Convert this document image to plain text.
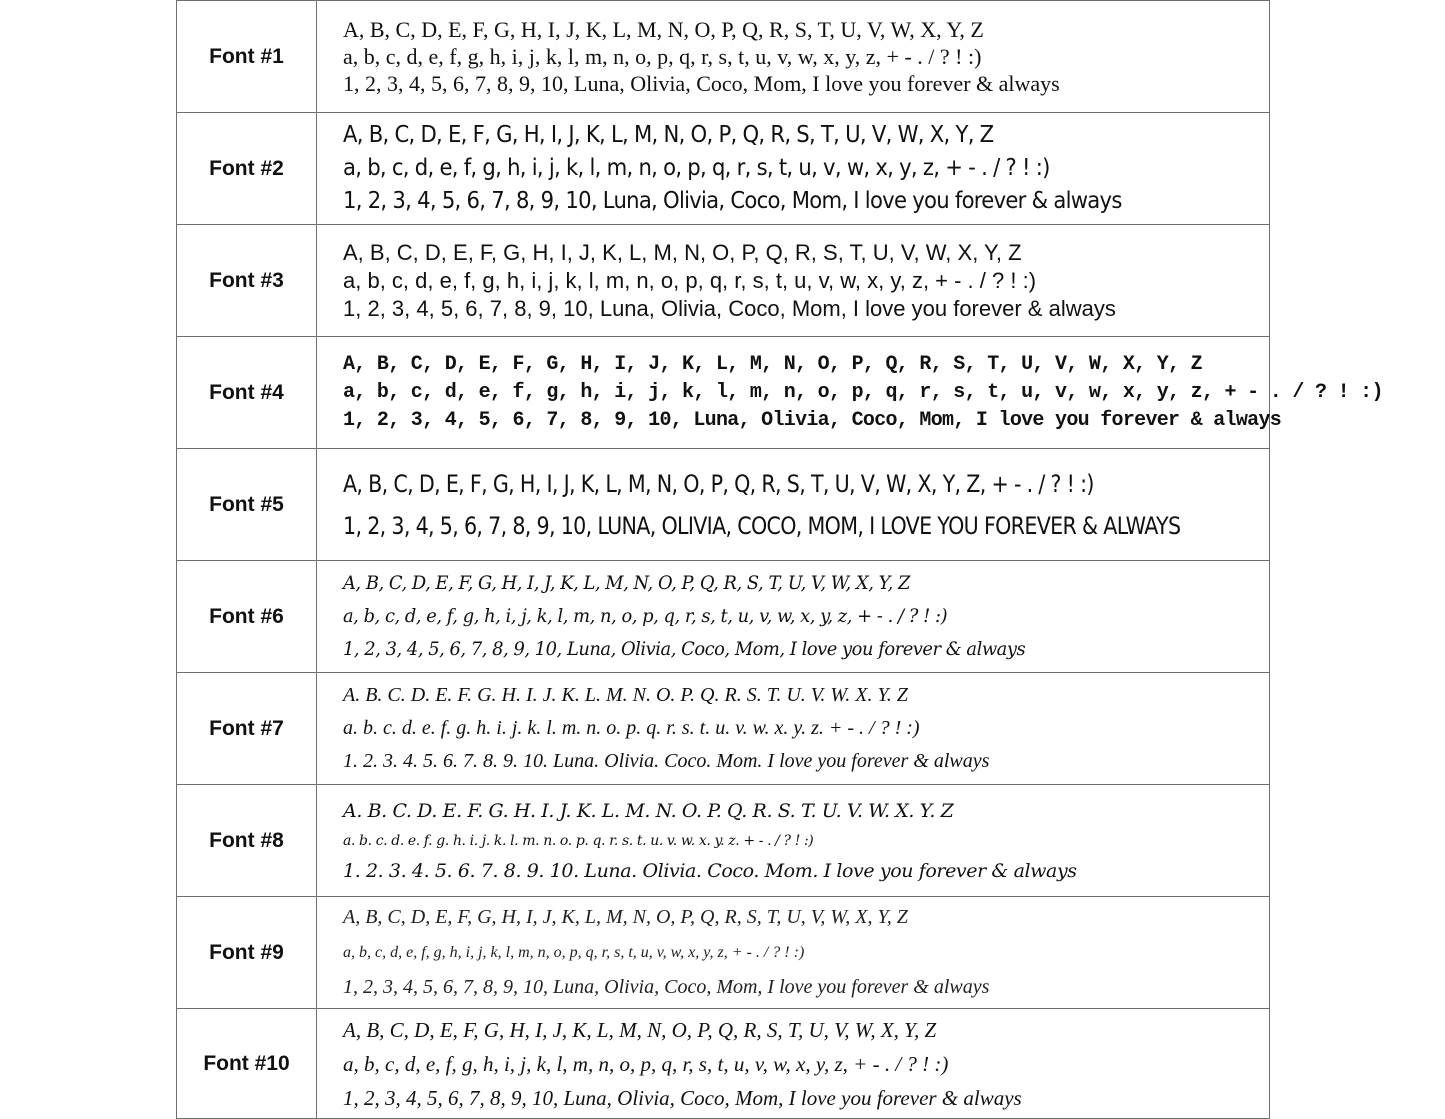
Font #1	A, B, C, D, E, F, G, H, I, J, K, L, M, N, O, P, Q, R, S, T, U, V, W, X, Y, Z
a, b, c, d, e, f, g, h, i, j, k, l, m, n, o, p, q, r, s, t, u, v, w, x, y, z, + - . / ? ! :)
1, 2, 3, 4, 5, 6, 7, 8, 9, 10, Luna, Olivia, Coco, Mom, I love you forever & always

Font #2	A, B, C, D, E, F, G, H, I, J, K, L, M, N, O, P, Q, R, S, T, U, V, W, X, Y, Z
a, b, c, d, e, f, g, h, i, j, k, l, m, n, o, p, q, r, s, t, u, v, w, x, y, z, + - . / ? ! :)
1, 2, 3, 4, 5, 6, 7, 8, 9, 10, Luna, Olivia, Coco, Mom, I love you forever & always

Font #3	A, B, C, D, E, F, G, H, I, J, K, L, M, N, O, P, Q, R, S, T, U, V, W, X, Y, Z
a, b, c, d, e, f, g, h, i, j, k, l, m, n, o, p, q, r, s, t, u, v, w, x, y, z, + - . / ? ! :)
1, 2, 3, 4, 5, 6, 7, 8, 9, 10, Luna, Olivia, Coco, Mom, I love you forever & always

Font #4	A, B, C, D, E, F, G, H, I, J, K, L, M, N, O, P, Q, R, S, T, U, V, W, X, Y, Z
a, b, c, d, e, f, g, h, i, j, k, l, m, n, o, p, q, r, s, t, u, v, w, x, y, z, + - . / ? ! :)
1, 2, 3, 4, 5, 6, 7, 8, 9, 10, Luna, Olivia, Coco, Mom, I love you forever & always

Font #5	A, B, C, D, E, F, G, H, I, J, K, L, M, N, O, P, Q, R, S, T, U, V, W, X, Y, Z, + - . / ? ! :)
1, 2, 3, 4, 5, 6, 7, 8, 9, 10, LUNA, OLIVIA, COCO, MOM, I LOVE YOU FOREVER & ALWAYS

Font #6	A, B, C, D, E, F, G, H, I, J, K, L, M, N, O, P, Q, R, S, T, U, V, W, X, Y, Z
a, b, c, d, e, f, g, h, i, j, k, l, m, n, o, p, q, r, s, t, u, v, w, x, y, z, + - . / ? ! :)
1, 2, 3, 4, 5, 6, 7, 8, 9, 10, Luna, Olivia, Coco, Mom, I love you forever & always

Font #7	A. B. C. D. E. F. G. H. I. J. K. L. M. N. O. P. Q. R. S. T. U. V. W. X. Y. Z
a. b. c. d. e. f. g. h. i. j. k. l. m. n. o. p. q. r. s. t. u. v. w. x. y. z. + - . / ? ! :)
1. 2. 3. 4. 5. 6. 7. 8. 9. 10. Luna. Olivia. Coco. Mom. I love you forever & always

Font #8	A. B. C. D. E. F. G. H. I. J. K. L. M. N. O. P. Q. R. S. T. U. V. W. X. Y. Z
a. b. c. d. e. f. g. h. i. j. k. l. m. n. o. p. q. r. s. t. u. v. w. x. y. z. + - . / ? ! :)
1. 2. 3. 4. 5. 6. 7. 8. 9. 10. Luna. Olivia. Coco. Mom. I love you forever & always

Font #9	A, B, C, D, E, F, G, H, I, J, K, L, M, N, O, P, Q, R, S, T, U, V, W, X, Y, Z
a, b, c, d, e, f, g, h, i, j, k, l, m, n, o, p, q, r, s, t, u, v, w, x, y, z, + - . / ? ! :)
1, 2, 3, 4, 5, 6, 7, 8, 9, 10, Luna, Olivia, Coco, Mom, I love you forever & always

Font #10	A, B, C, D, E, F, G, H, I, J, K, L, M, N, O, P, Q, R, S, T, U, V, W, X, Y, Z
a, b, c, d, e, f, g, h, i, j, k, l, m, n, o, p, q, r, s, t, u, v, w, x, y, z, + - . / ? ! :)
1, 2, 3, 4, 5, 6, 7, 8, 9, 10, Luna, Olivia, Coco, Mom, I love you forever & always
